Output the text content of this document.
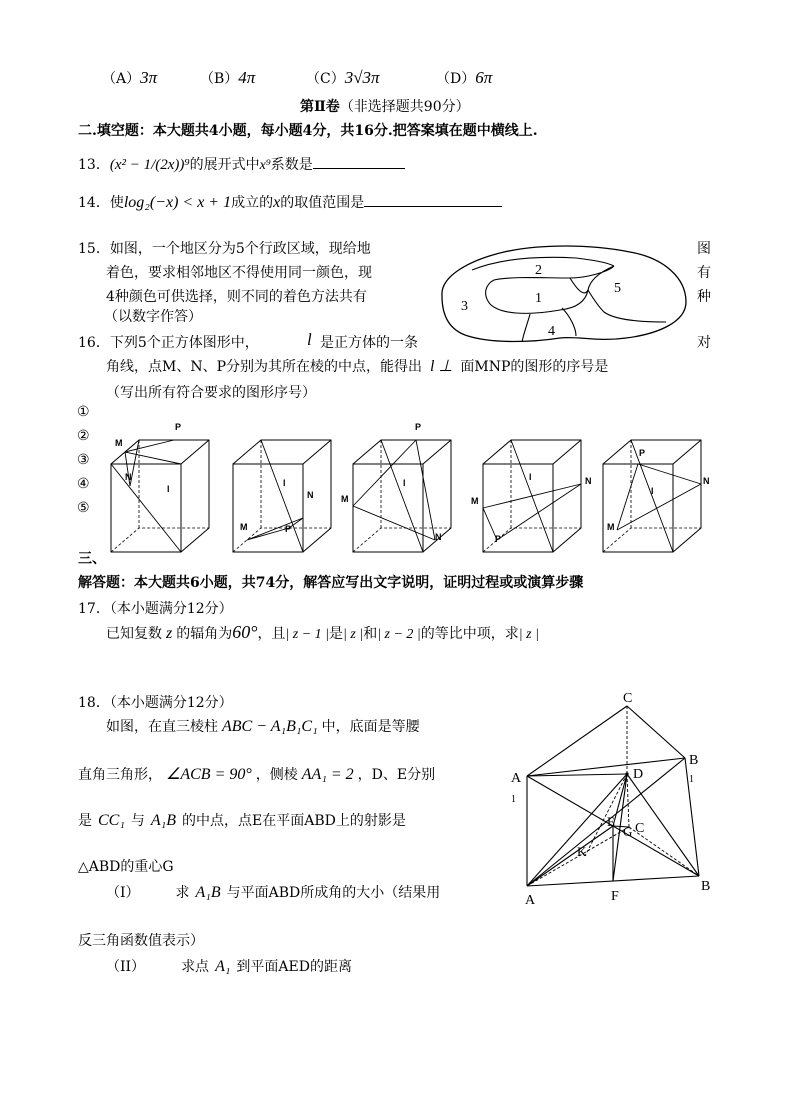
（A）3π	（B）4π	（C）3√3π	（D）6π
第Ⅱ卷（非选择题共90分）
二.填空题：本大题共4小题，每小题4分，共16分.把答案填在题中横线上.
13．(x² − 1/(2x))⁹的展开式中x⁹系数是
14．使log₂(−x) < x + 1成立的x的取值范围是
15．如图，一个地区分为5个行政区域，现给地	图
着色，要求相邻地区不得使用同一颜色，现	有
4种颜色可供选择，则不同的着色方法共有	种
（以数字作答）
2
1
3
4
5
16．下列5个正方体图形中，	l 是正方体的一条	对
角线，点M、N、P分别为其所在棱的中点，能得出 l ⊥ 面MNP的图形的序号是
（写出所有符合要求的图形序号）
①
②
③
④
⑤
M
P
N
l
M
N
P
l
M
P
N
l
M
N
P
l
M
P
N
l
三、
解答题：本大题共6小题，共74分，解答应写出文字说明，证明过程或或演算步骤
17．（本小题满分12分）
已知复数 z 的辐角为60°，且| z − 1 |是| z |和| z − 2 |的等比中项，求| z |
18．（本小题满分12分）
如图，在直三棱柱 ABC − A₁B₁C₁ 中，底面是等腰
直角三角形， ∠ACB = 90° ，侧棱 AA₁ = 2 ，D、E分别
是 CC₁ 与 A₁B 的中点，点E在平面ABD上的射影是
△ABD的重心G
（I）	求 A₁B 与平面ABD所成角的大小（结果用
反三角函数值表示）
（II）	求点 A₁ 到平面AED的距离
C
A
1
B
1
D
E
G C
K
A	F
B
